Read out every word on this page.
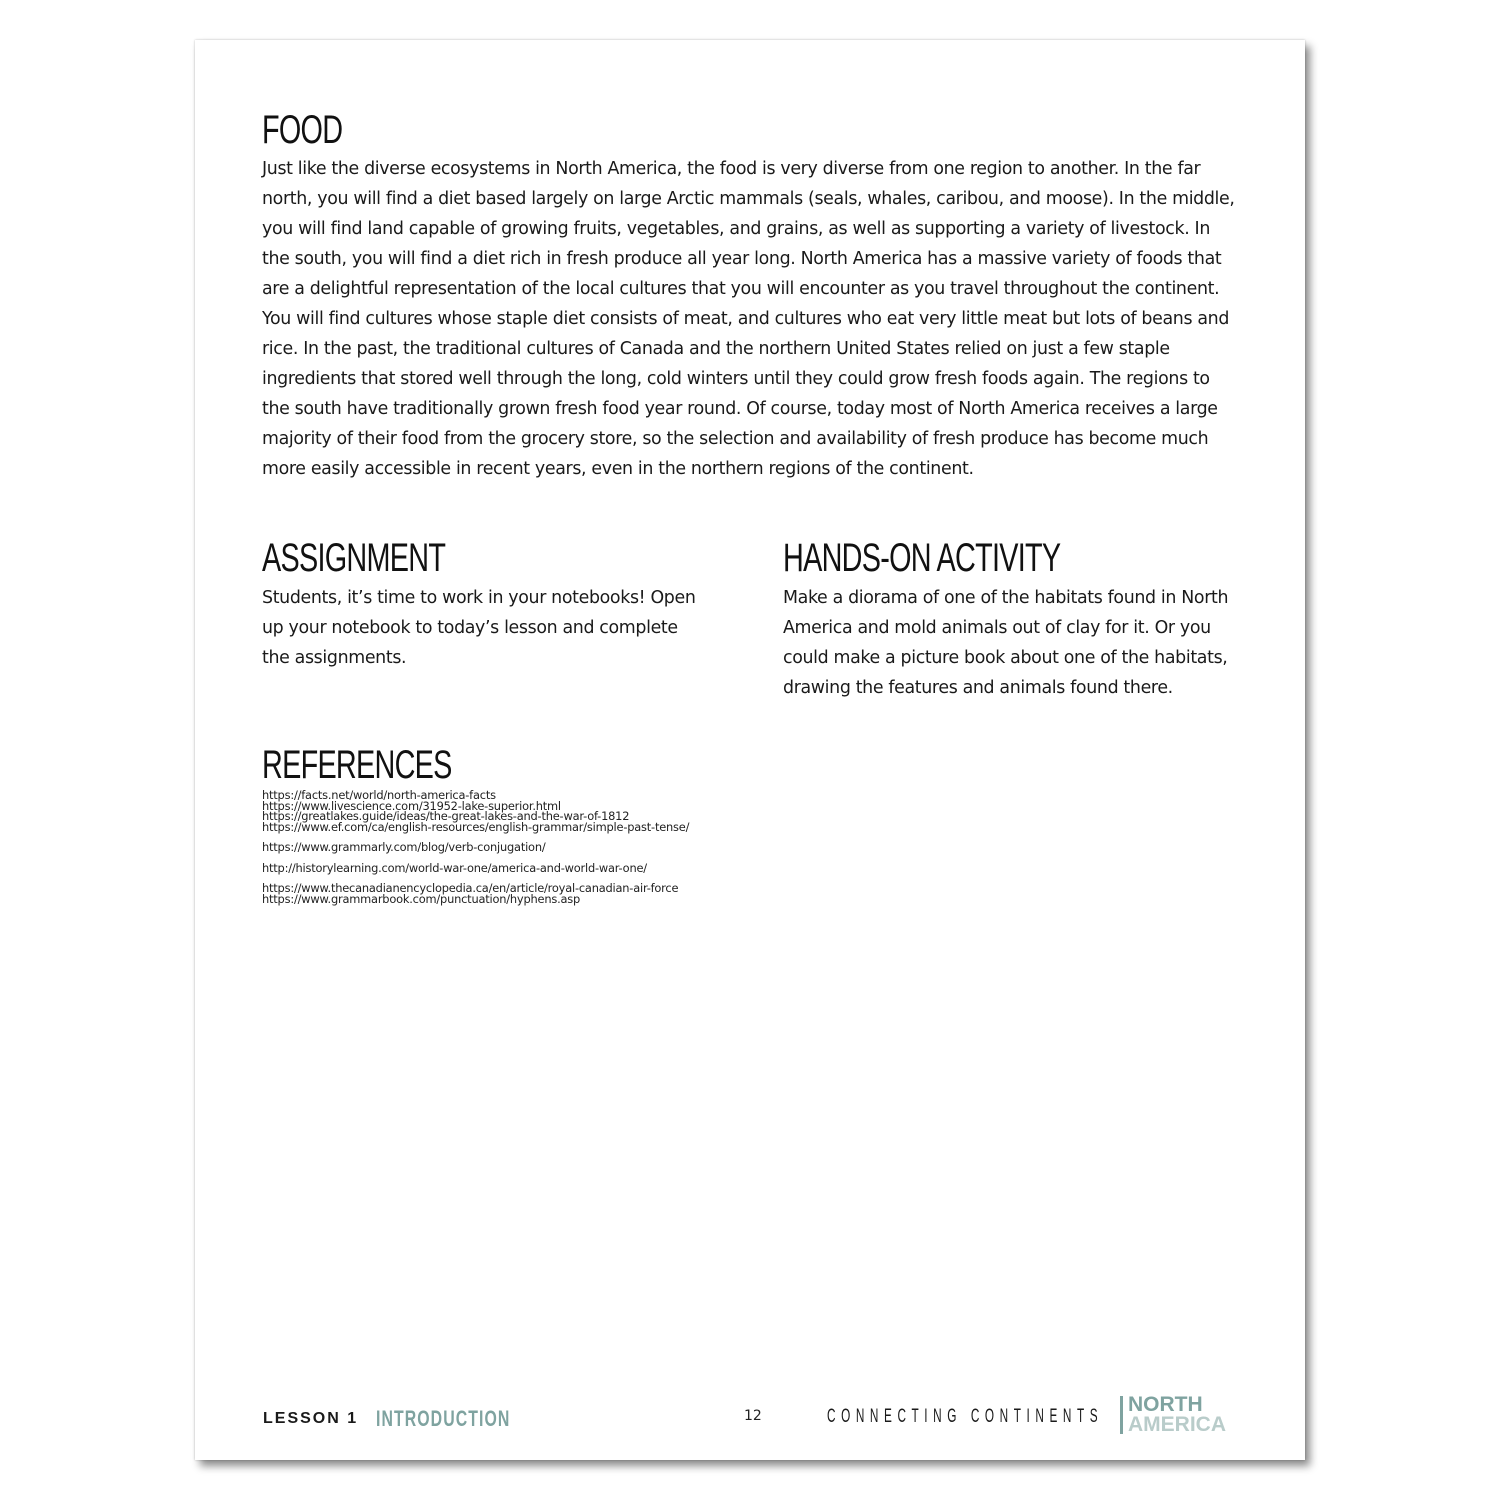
FOOD

Just like the diverse ecosystems in North America, the food is very diverse from one region to another. In the far north, you will find a diet based largely on large Arctic mammals (seals, whales, caribou, and moose). In the middle, you will find land capable of growing fruits, vegetables, and grains, as well as supporting a variety of livestock. In the south, you will find a diet rich in fresh produce all year long. North America has a massive variety of foods that are a delightful representation of the local cultures that you will encounter as you travel throughout the continent. You will find cultures whose staple diet consists of meat, and cultures who eat very little meat but lots of beans and rice. In the past, the traditional cultures of Canada and the northern United States relied on just a few staple ingredients that stored well through the long, cold winters until they could grow fresh foods again. The regions to the south have traditionally grown fresh food year round. Of course, today most of North America receives a large majority of their food from the grocery store, so the selection and availability of fresh produce has become much more easily accessible in recent years, even in the northern regions of the continent.

ASSIGNMENT

Students, it’s time to work in your notebooks! Open up your notebook to today’s lesson and complete the assignments.

HANDS-ON ACTIVITY

Make a diorama of one of the habitats found in North America and mold animals out of clay for it. Or you could make a picture book about one of the habitats, drawing the features and animals found there.

REFERENCES
https://facts.net/world/north-america-facts
https://www.livescience.com/31952-lake-superior.html
https://greatlakes.guide/ideas/the-great-lakes-and-the-war-of-1812
https://www.ef.com/ca/english-resources/english-grammar/simple-past-tense/
https://www.grammarly.com/blog/verb-conjugation/
http://historylearning.com/world-war-one/america-and-world-war-one/
https://www.thecanadianencyclopedia.ca/en/article/royal-canadian-air-force
https://www.grammarbook.com/punctuation/hyphens.asp
LESSON 1 INTRODUCTION	12	CONNECTING CONTINENTS
NORTH
AMERICA
